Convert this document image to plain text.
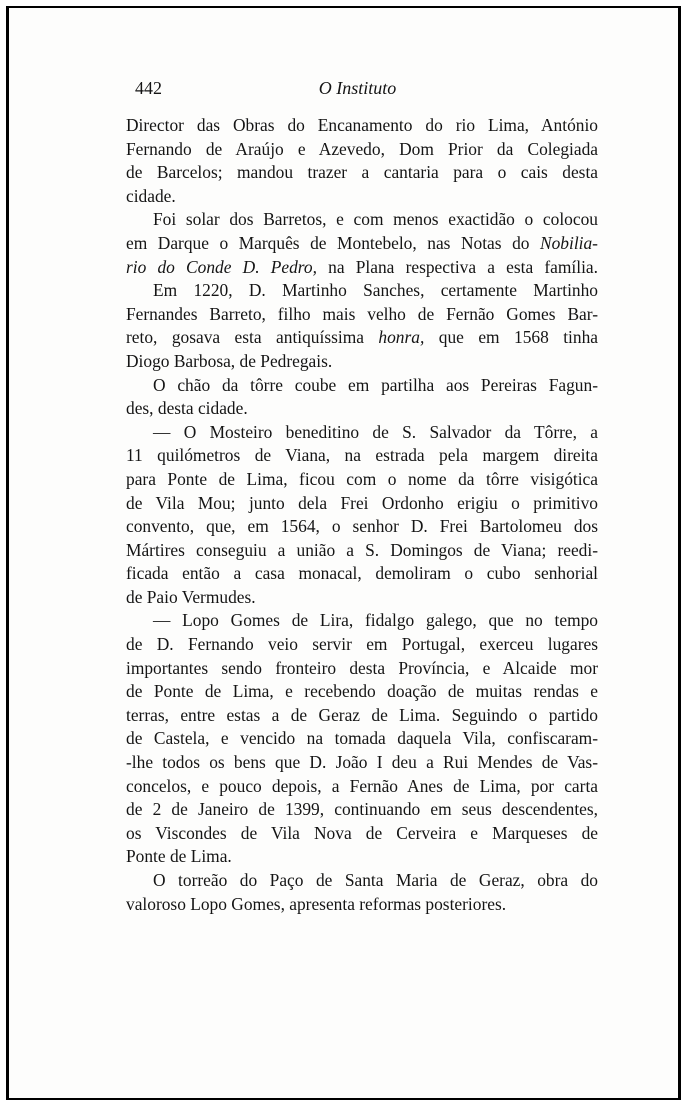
442	O Instituto
Director das Obras do Encanamento do rio Lima, António
Fernando de Araújo e Azevedo, Dom Prior da Colegiada
de Barcelos; mandou trazer a cantaria para o cais desta
cidade.
Foi solar dos Barretos, e com menos exactidão o colocou
em Darque o Marquês de Montebelo, nas Notas do Nobilia-
rio do Conde D. Pedro, na Plana respectiva a esta família.
Em 1220, D. Martinho Sanches, certamente Martinho
Fernandes Barreto, filho mais velho de Fernão Gomes Bar-
reto, gosava esta antiquíssima honra, que em 1568 tinha
Diogo Barbosa, de Pedregais.
O chão da tôrre coube em partilha aos Pereiras Fagun-
des, desta cidade.
— O Mosteiro beneditino de S. Salvador da Tôrre, a
11 quilómetros de Viana, na estrada pela margem direita
para Ponte de Lima, ficou com o nome da tôrre visigótica
de Vila Mou; junto dela Frei Ordonho erigiu o primitivo
convento, que, em 1564, o senhor D. Frei Bartolomeu dos
Mártires conseguiu a união a S. Domingos de Viana; reedi-
ficada então a casa monacal, demoliram o cubo senhorial
de Paio Vermudes.
— Lopo Gomes de Lira, fidalgo galego, que no tempo
de D. Fernando veio servir em Portugal, exerceu lugares
importantes sendo fronteiro desta Província, e Alcaide mor
de Ponte de Lima, e recebendo doação de muitas rendas e
terras, entre estas a de Geraz de Lima. Seguindo o partido
de Castela, e vencido na tomada daquela Vila, confiscaram-
-lhe todos os bens que D. João I deu a Rui Mendes de Vas-
concelos, e pouco depois, a Fernão Anes de Lima, por carta
de 2 de Janeiro de 1399, continuando em seus descendentes,
os Viscondes de Vila Nova de Cerveira e Marqueses de
Ponte de Lima.
O torreão do Paço de Santa Maria de Geraz, obra do
valoroso Lopo Gomes, apresenta reformas posteriores.
